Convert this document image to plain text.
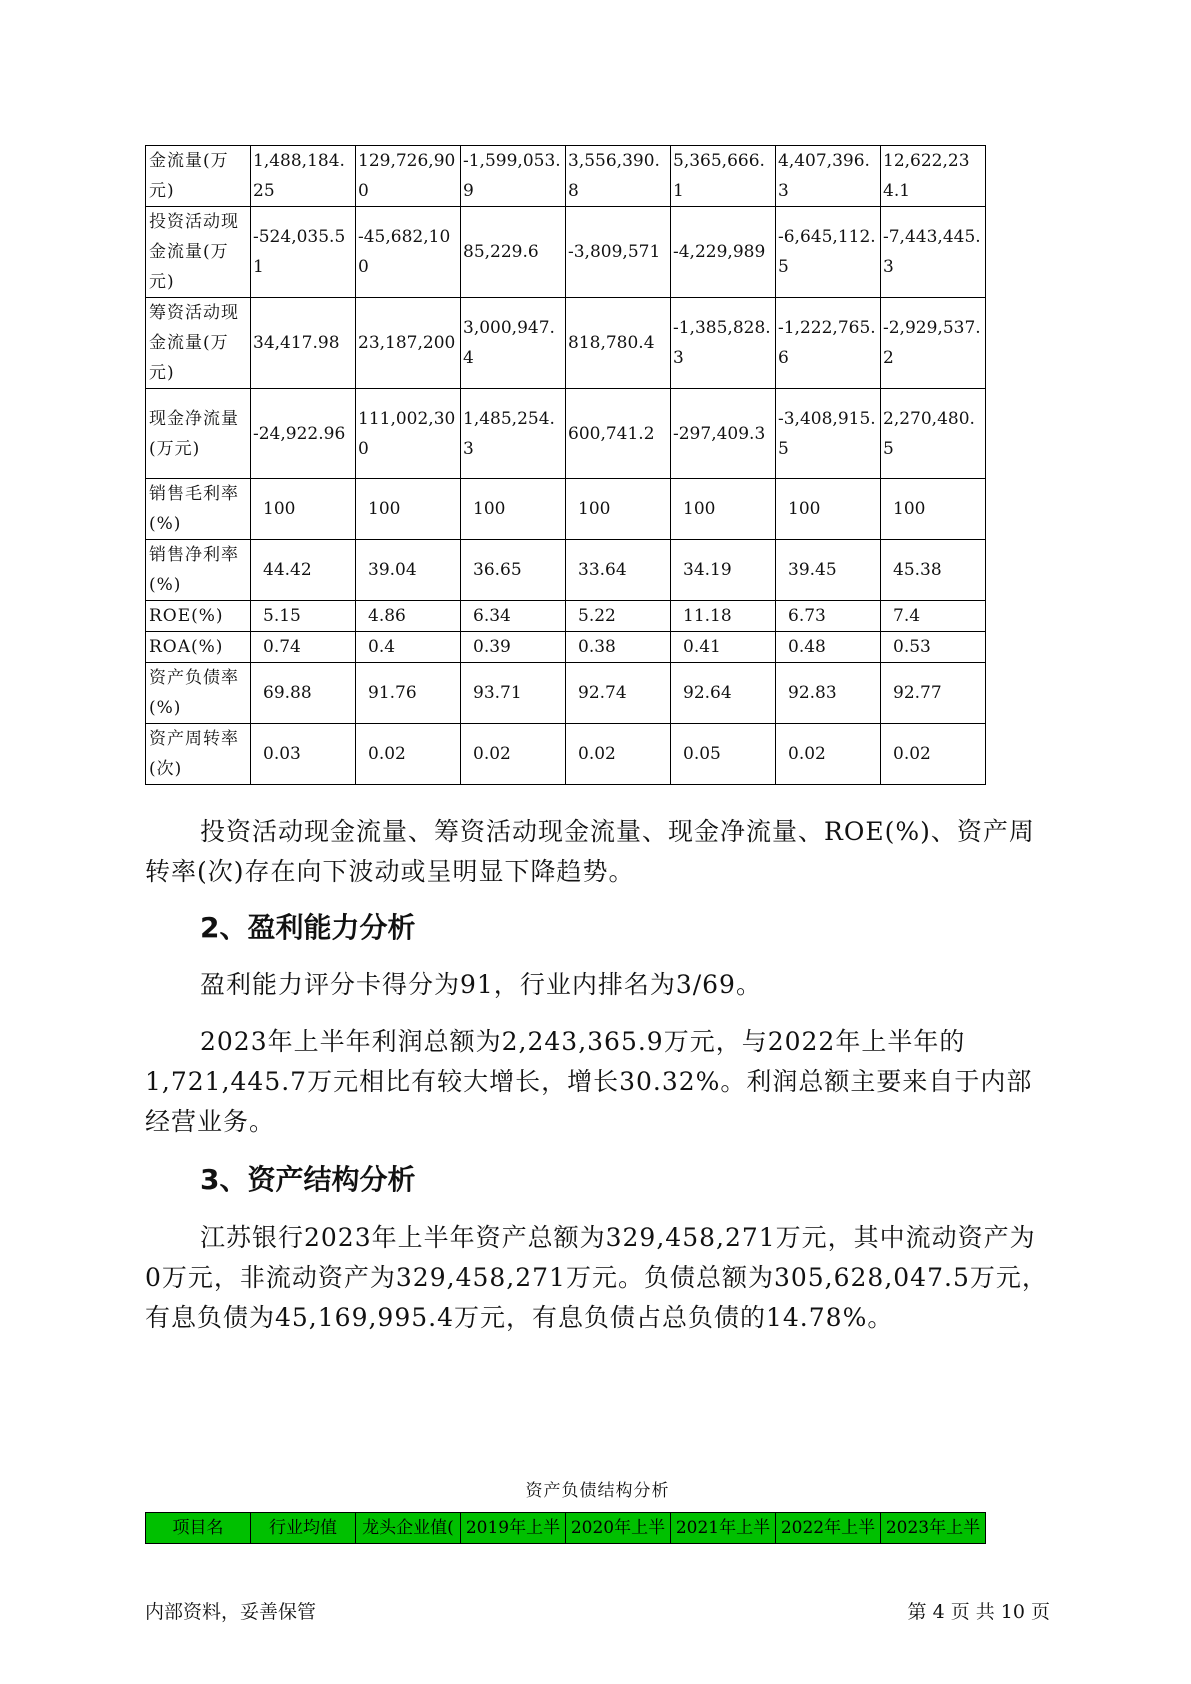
金流量(万元)	1,488,184.25	129,726,900	-1,599,053.9	3,556,390.8	5,365,666.1	4,407,396.3	12,622,234.1
投资活动现金流量(万元)	-524,035.51	-45,682,100	85,229.6	-3,809,571	-4,229,989	-6,645,112.5	-7,443,445.3
筹资活动现金流量(万元)	34,417.98	23,187,200	3,000,947.4	818,780.4	-1,385,828.3	-1,222,765.6	-2,929,537.2
现金净流量(万元)	-24,922.96	111,002,300	1,485,254.3	600,741.2	-297,409.3	-3,408,915.5	2,270,480.5
销售毛利率(%)	100	100	100	100	100	100	100
销售净利率(%)	44.42	39.04	36.65	33.64	34.19	39.45	45.38
ROE(%)	5.15	4.86	6.34	5.22	11.18	6.73	7.4
ROA(%)	0.74	0.4	0.39	0.38	0.41	0.48	0.53
资产负债率(%)	69.88	91.76	93.71	92.74	92.64	92.83	92.77
资产周转率(次)	0.03	0.02	0.02	0.02	0.05	0.02	0.02

投资活动现金流量、筹资活动现金流量、现金净流量、ROE(%)、资产周转率(次)存在向下波动或呈明显下降趋势。

2、盈利能力分析

盈利能力评分卡得分为91，行业内排名为3/69。

2023年上半年利润总额为2,243,365.9万元，与2022年上半年的1,721,445.7万元相比有较大增长，增长30.32%。利润总额主要来自于内部经营业务。

3、资产结构分析

江苏银行2023年上半年资产总额为329,458,271万元，其中流动资产为0万元，非流动资产为329,458,271万元。负债总额为305,628,047.5万元，有息负债为45,169,995.4万元，有息负债占总负债的14.78%。

资产负债结构分析
项目名	行业均值	龙头企业值(	2019年上半	2020年上半	2021年上半	2022年上半	2023年上半
内部资料，妥善保管	第 4 页 共 10 页
